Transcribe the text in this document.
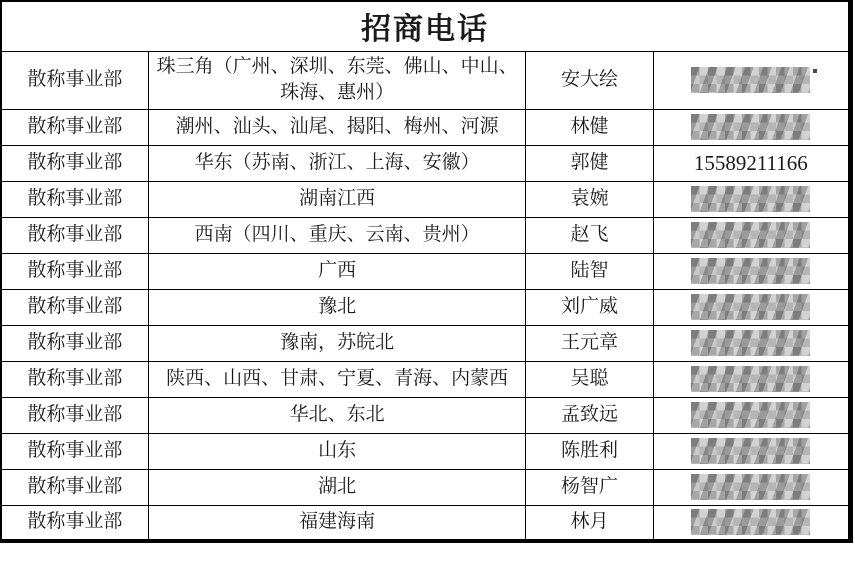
招商电话			
散称事业部	珠三角（广州、深圳、东莞、佛山、中山、珠海、惠州）	安大绘	

散称事业部	潮州、汕头、汕尾、揭阳、梅州、河源	林健	

散称事业部	华东（苏南、浙江、上海、安徽）	郭健	15589211166
散称事业部	湖南江西	袁婉	

散称事业部	西南（四川、重庆、云南、贵州）	赵飞	

散称事业部	广西	陆智	

散称事业部	豫北	刘广威	

散称事业部	豫南，苏皖北	王元章	

散称事业部	陕西、山西、甘肃、宁夏、青海、内蒙西	吴聪	

散称事业部	华北、东北	孟致远	

散称事业部	山东	陈胜利	

散称事业部	湖北	杨智广	

散称事业部	福建海南	林月	
